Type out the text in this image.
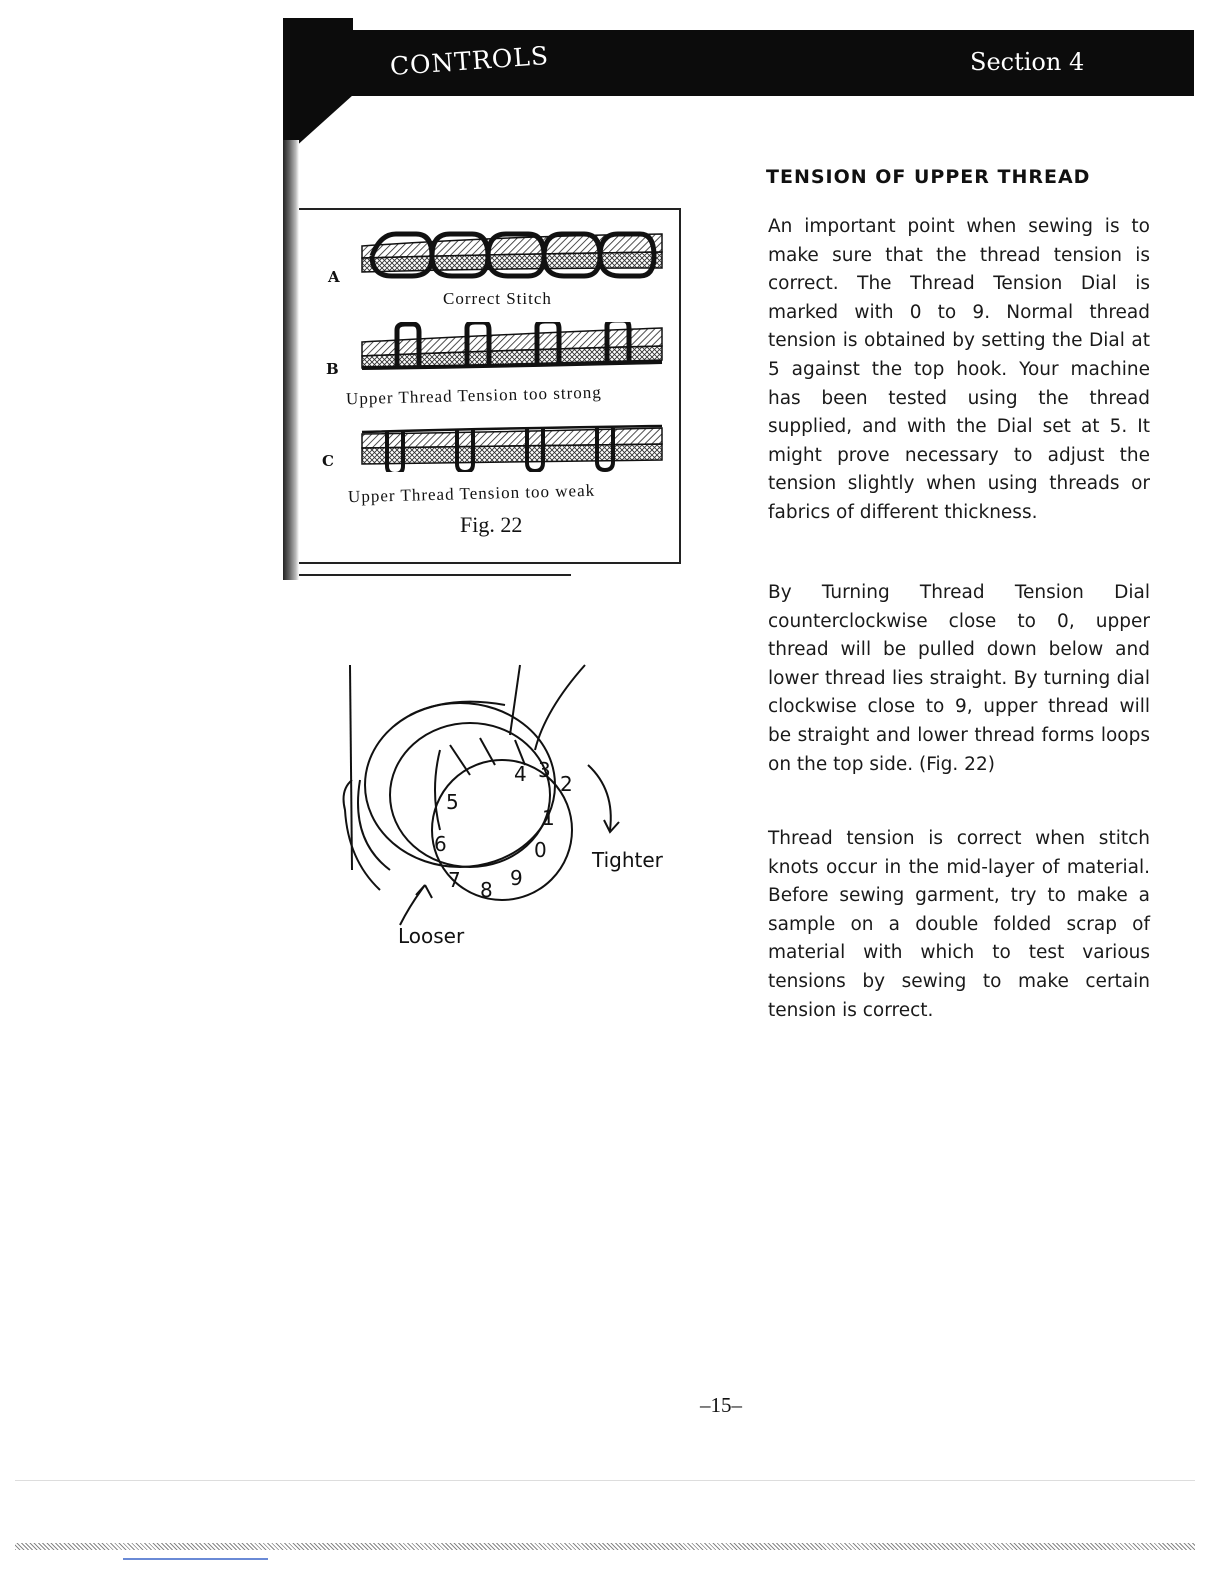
CONTROLS	Section 4
A
Correct Stitch
B
Upper Thread Tension too strong
C
Upper Thread Tension too weak
Fig. 22
3
4 2
1
0
5
6
7 8 9
Tighter
Looser
TENSION OF UPPER THREAD

An important point when sewing is to make sure that the thread tension is correct. The Thread Tension Dial is marked with 0 to 9. Normal thread tension is obtained by setting the Dial at 5 against the top hook. Your machine has been tested using the thread supplied, and with the Dial set at 5. It might prove necessary to adjust the tension slightly when using threads or fabrics of different thickness.

By Turning Thread Tension Dial counterclockwise close to 0, upper thread will be pulled down below and lower thread lies straight. By turning dial clockwise close to 9, upper thread will be straight and lower thread forms loops on the top side. (Fig. 22)

Thread tension is correct when stitch knots occur in the mid-layer of material. Before sewing garment, try to make a sample on a double folded scrap of material with which to test various tensions by sewing to make certain tension is correct.

–15–
